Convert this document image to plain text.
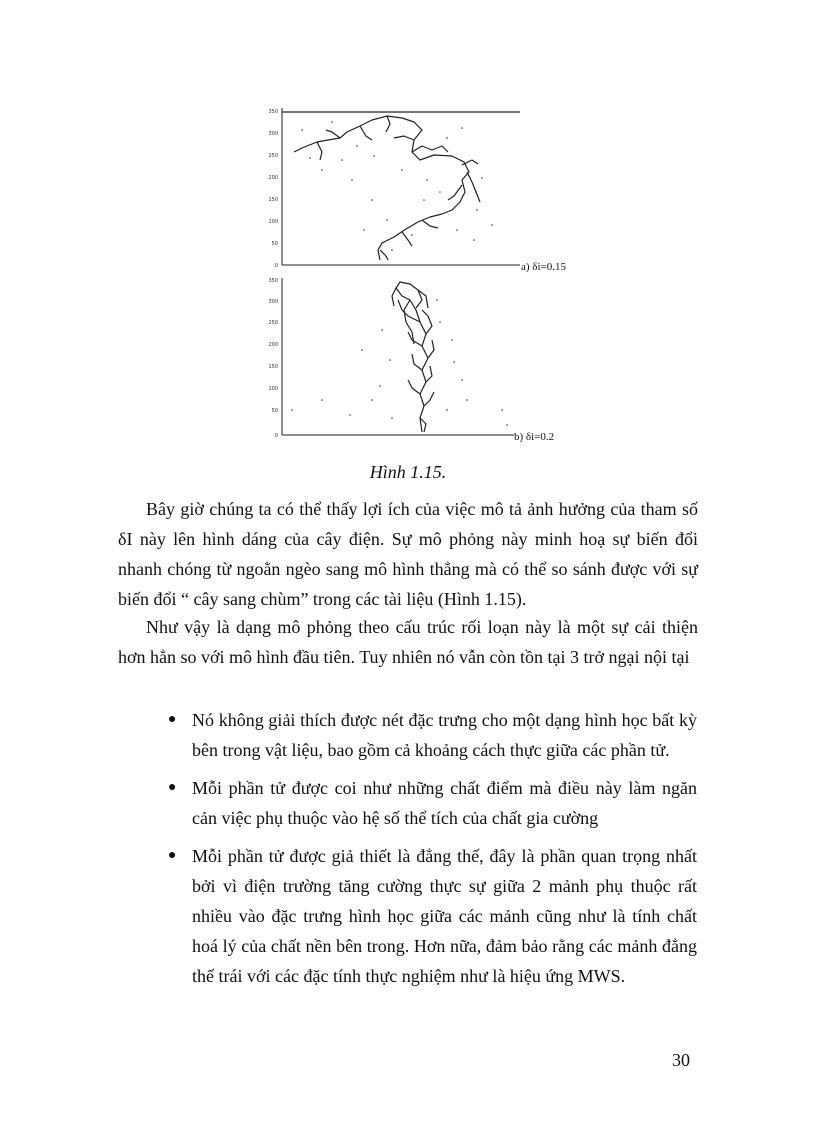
350
300
250
200
150
100
50
0	a) δi=0.15
350
300
250
200
150
100
50
0	b) δi=0.2
Hình 1.15.

Bây giờ chúng ta có thể thấy lợi ích của việc mô tả ảnh hưởng của tham số δI này lên hình dáng của cây điện. Sự mô phỏng này minh hoạ sự biến đổi nhanh chóng từ ngoằn ngèo sang mô hình thẳng mà có thể so sánh được với sự biến đổi “ cây sang chùm” trong các tài liệu (Hình 1.15).

Như vậy là dạng mô phỏng theo cấu trúc rối loạn này là một sự cải thiện hơn hẳn so với mô hình đầu tiên. Tuy nhiên nó vẫn còn tồn tại 3 trở ngại nội tại

● Nó không giải thích được nét đặc trưng cho một dạng hình học bất kỳ bên trong vật liệu, bao gồm cả khoảng cách thực giữa các phần tử.
● Mỗi phần tử được coi như những chất điểm mà điều này làm ngăn cản việc phụ thuộc vào hệ số thể tích của chất gia cường
● Mỗi phần tử được giả thiết là đẳng thế, đây là phần quan trọng nhất bởi vì điện trường tăng cường thực sự giữa 2 mảnh phụ thuộc rất nhiều vào đặc trưng hình học giữa các mảnh cũng như là tính chất hoá lý của chất nền bên trong. Hơn nữa, đảm bảo rằng các mảnh đẳng thế trái với các đặc tính thực nghiệm như là hiệu ứng MWS.
30
